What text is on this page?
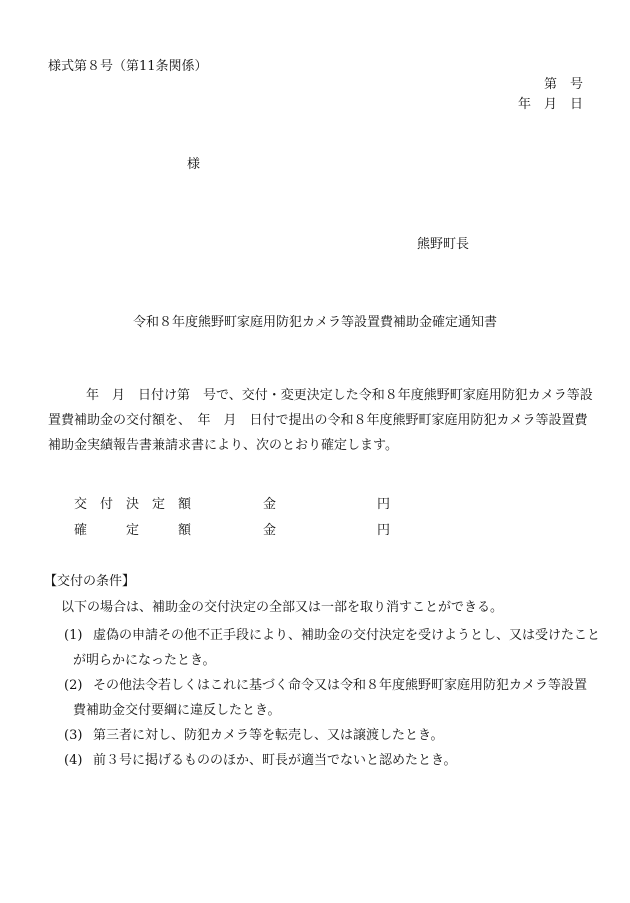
様式第８号（第11条関係）
第　号
年　月　日
様
熊野町長
令和８年度熊野町家庭用防犯カメラ等設置費補助金確定通知書
年　月　日付け第　号で、交付・変更決定した令和８年度熊野町家庭用防犯カメラ等設
置費補助金の交付額を、　年　月　日付で提出の令和８年度熊野町家庭用防犯カメラ等設置費
補助金実績報告書兼請求書により、次のとおり確定します。
交　付　決　定　額	金	円
確　　　定　　　額	金	円
【交付の条件】
以下の場合は、補助金の交付決定の全部又は一部を取り消すことができる。
(1) 虚偽の申請その他不正手段により、補助金の交付決定を受けようとし、又は受けたこと
が明らかになったとき。
(2) その他法令若しくはこれに基づく命令又は令和８年度熊野町家庭用防犯カメラ等設置
費補助金交付要綱に違反したとき。
(3) 第三者に対し、防犯カメラ等を転売し、又は譲渡したとき。
(4) 前３号に掲げるもののほか、町長が適当でないと認めたとき。
